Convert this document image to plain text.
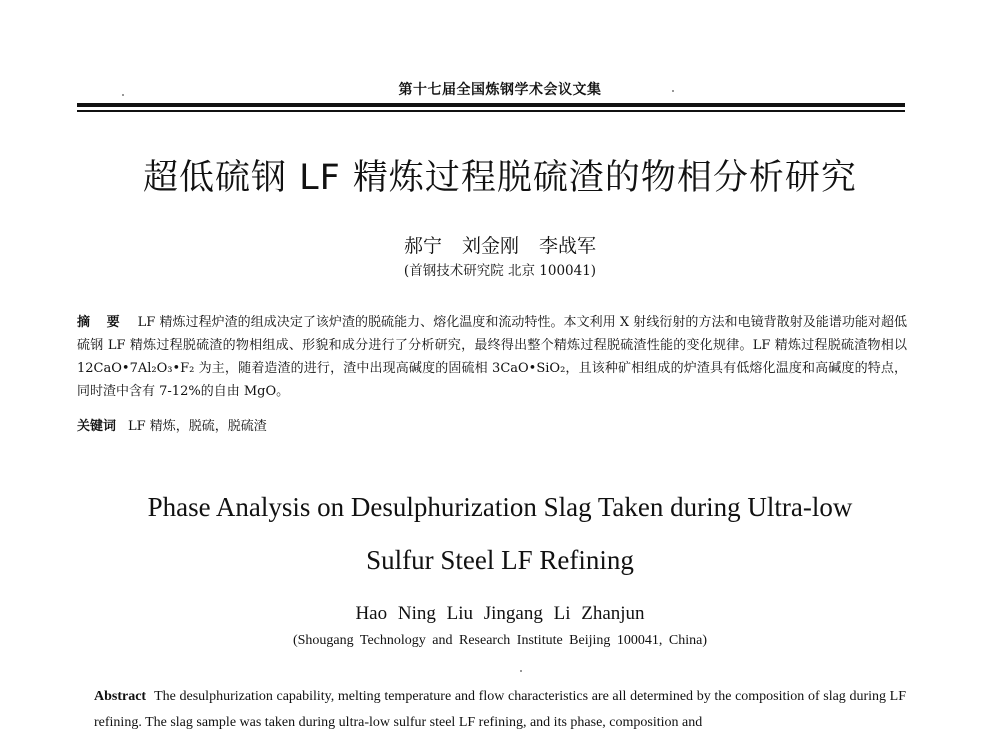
第十七届全国炼钢学术会议文集
超低硫钢 LF 精炼过程脱硫渣的物相分析研究
郝宁 刘金刚 李战军
(首钢技术研究院 北京 100041)
摘 要 LF 精炼过程炉渣的组成决定了该炉渣的脱硫能力、熔化温度和流动特性。本文利用 X 射线衍射的方法和电镜背散射及能谱功能对超低硫钢 LF 精炼过程脱硫渣的物相组成、形貌和成分进行了分析研究，最终得出整个精炼过程脱硫渣性能的变化规律。LF 精炼过程脱硫渣物相以 12CaO•7Al₂O₃•F₂ 为主，随着造渣的进行，渣中出现高碱度的固硫相 3CaO•SiO₂，且该种矿相组成的炉渣具有低熔化温度和高碱度的特点，同时渣中含有 7-12%的自由 MgO。
关键词 LF 精炼，脱硫，脱硫渣
Phase Analysis on Desulphurization Slag Taken during Ultra-low
Sulfur Steel LF Refining
Hao Ning Liu Jingang Li Zhanjun
(Shougang Technology and Research Institute Beijing 100041, China)
Abstract The desulphurization capability, melting temperature and flow characteristics are all determined by the composition of slag during LF refining. The slag sample was taken during ultra-low sulfur steel LF refining, and its phase, composition and
